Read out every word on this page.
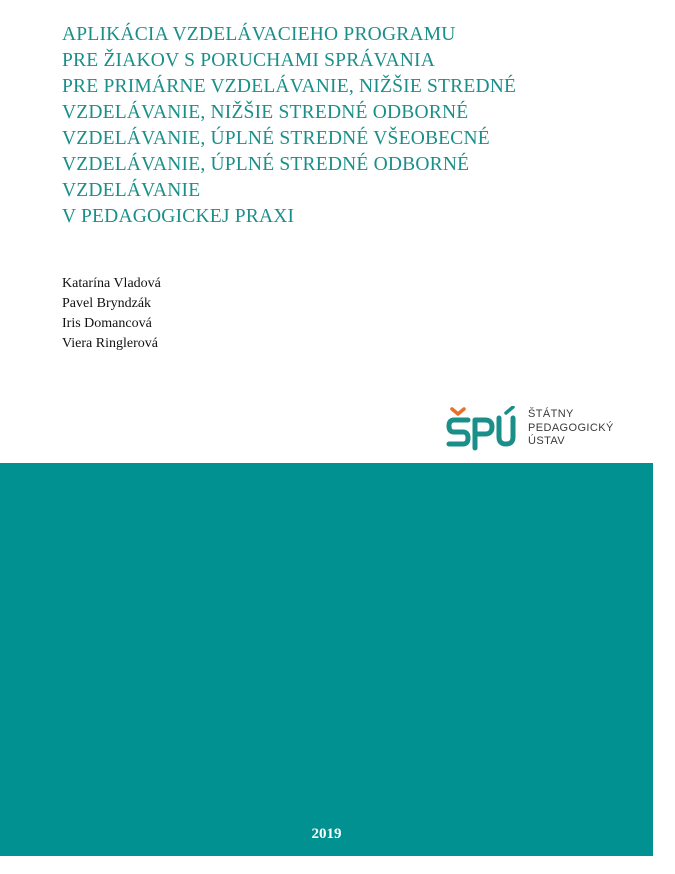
APLIKÁCIA VZDELÁVACIEHO PROGRAMU
PRE ŽIAKOV S PORUCHAMI SPRÁVANIA
PRE PRIMÁRNE VZDELÁVANIE, NIŽŠIE STREDNÉ
VZDELÁVANIE, NIŽŠIE STREDNÉ ODBORNÉ
VZDELÁVANIE, ÚPLNÉ STREDNÉ VŠEOBECNÉ
VZDELÁVANIE, ÚPLNÉ STREDNÉ ODBORNÉ
VZDELÁVANIE
V PEDAGOGICKEJ PRAXI
Katarína Vladová
Pavel Bryndzák
Iris Domancová
Viera Ringlerová
ŠTÁTNY
PEDAGOGICKÝ
ÚSTAV
2019
